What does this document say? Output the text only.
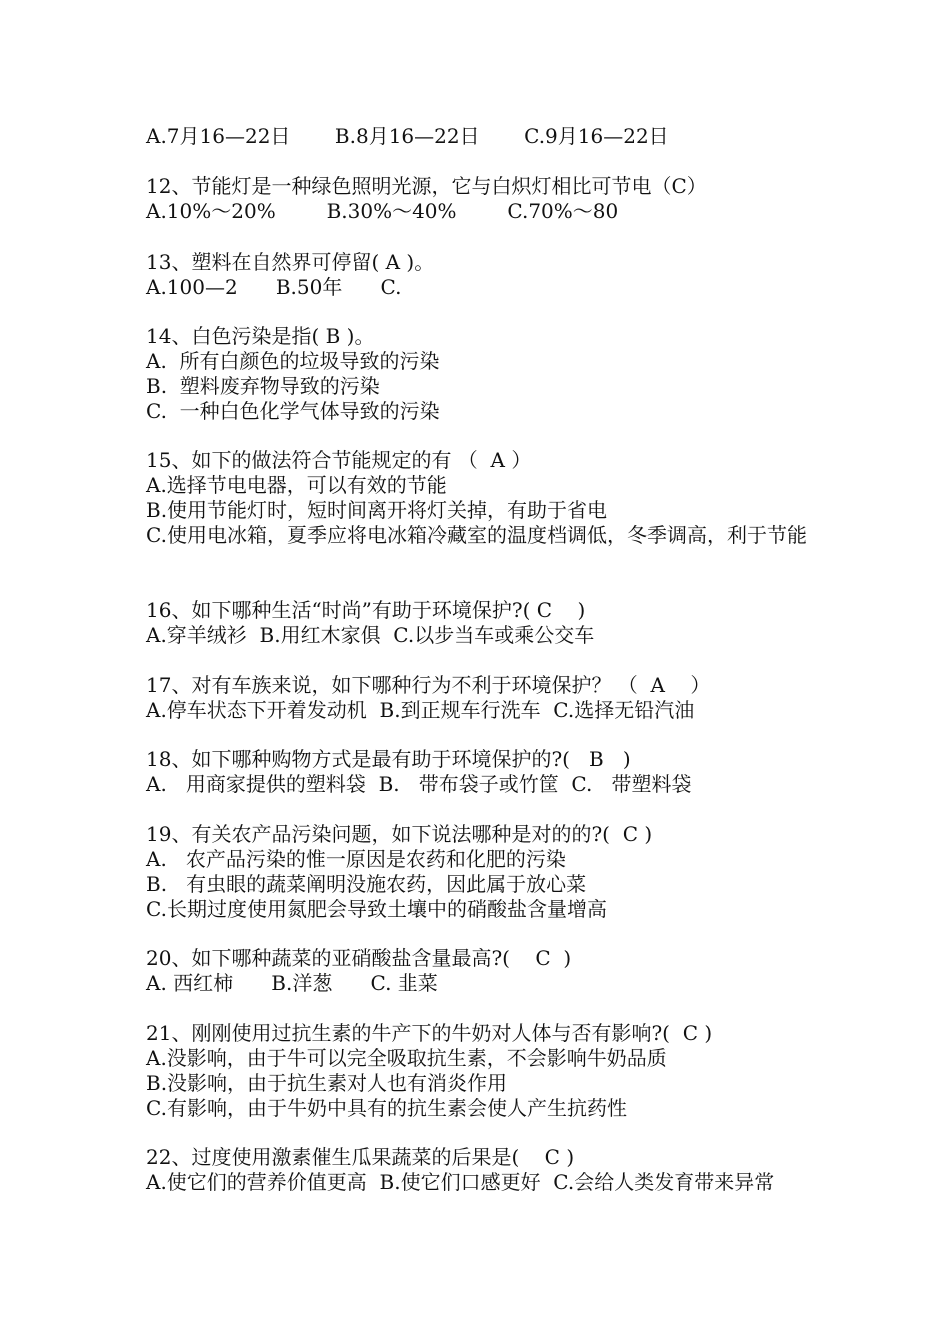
A.7月16—22日       B.8月16—22日       C.9月16—22日
12、节能灯是一种绿色照明光源，它与白炽灯相比可节电（C）
A.10%～20%        B.30%～40%        C.70%～80
13、塑料在自然界可停留( A )。
A.100—2      B.50年      C.
14、白色污染是指( B )。
A.  所有白颜色的垃圾导致的污染
B.  塑料废弃物导致的污染
C.  一种白色化学气体导致的污染
15、如下的做法符合节能规定的有 （  A ）
A.选择节电电器，可以有效的节能
B.使用节能灯时，短时间离开将灯关掉，有助于省电
C.使用电冰箱，夏季应将电冰箱冷藏室的温度档调低，冬季调高，利于节能
16、如下哪种生活“时尚”有助于环境保护?( C    )
A.穿羊绒衫  B.用红木家俱  C.以步当车或乘公交车
17、对有车族来说，如下哪种行为不利于环境保护？ （  A    ）
A.停车状态下开着发动机  B.到正规车行洗车  C.选择无铅汽油
18、如下哪种购物方式是最有助于环境保护的?(   B   )
A.   用商家提供的塑料袋  B.   带布袋子或竹筐  C.   带塑料袋
19、有关农产品污染问题，如下说法哪种是对的的?(  C )
A.   农产品污染的惟一原因是农药和化肥的污染
B.   有虫眼的蔬菜阐明没施农药，因此属于放心菜
C.长期过度使用氮肥会导致土壤中的硝酸盐含量增高
20、如下哪种蔬菜的亚硝酸盐含量最高?(    C  )
A. 西红柿      B.洋葱      C. 韭菜
21、刚刚使用过抗生素的牛产下的牛奶对人体与否有影响?(  C )
A.没影响，由于牛可以完全吸取抗生素，不会影响牛奶品质
B.没影响，由于抗生素对人也有消炎作用
C.有影响，由于牛奶中具有的抗生素会使人产生抗药性
22、过度使用激素催生瓜果蔬菜的后果是(    C )
A.使它们的营养价值更高  B.使它们口感更好  C.会给人类发育带来异常
